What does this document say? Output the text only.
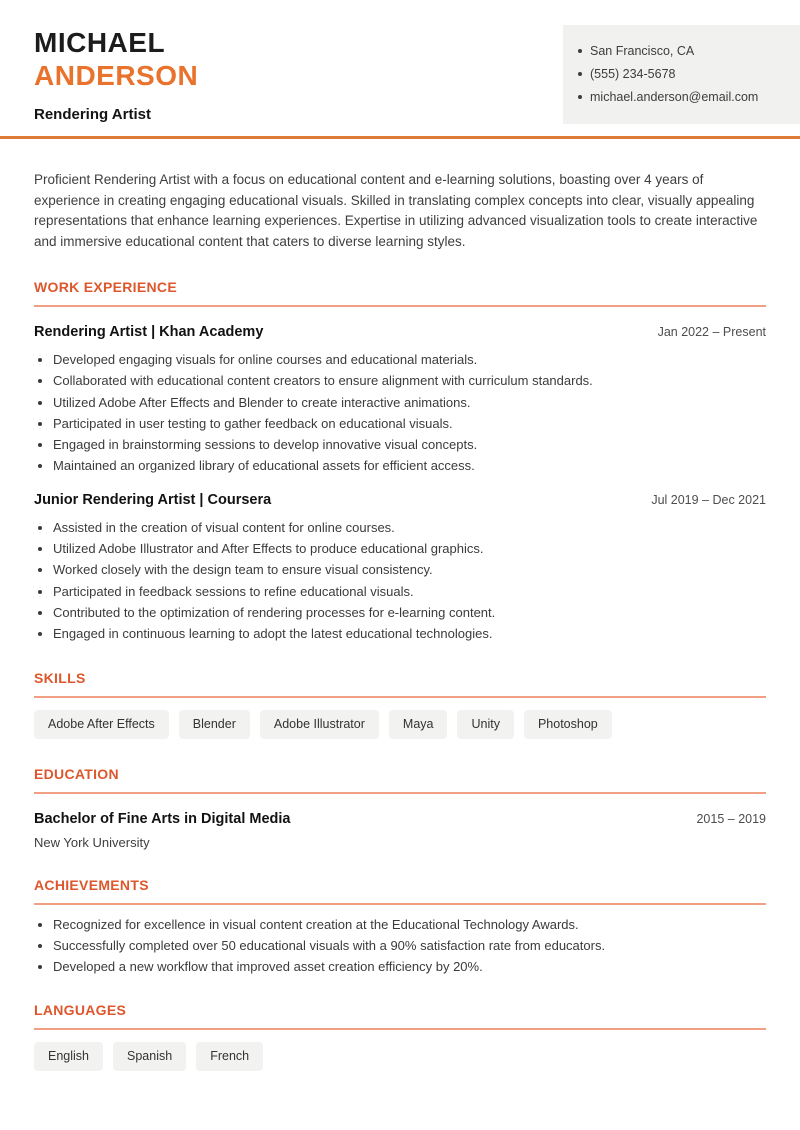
MICHAEL
ANDERSON
Rendering Artist
San Francisco, CA
(555) 234-5678
michael.anderson@email.com

Proficient Rendering Artist with a focus on educational content and e-learning solutions, boasting over 4 years of experience in creating engaging educational visuals. Skilled in translating complex concepts into clear, visually appealing representations that enhance learning experiences. Expertise in utilizing advanced visualization tools to create interactive and immersive educational content that caters to diverse learning styles.

WORK EXPERIENCE
Rendering Artist | Khan Academy	Jan 2022 – Present
Developed engaging visuals for online courses and educational materials.
Collaborated with educational content creators to ensure alignment with curriculum standards.
Utilized Adobe After Effects and Blender to create interactive animations.
Participated in user testing to gather feedback on educational visuals.
Engaged in brainstorming sessions to develop innovative visual concepts.
Maintained an organized library of educational assets for efficient access.
Junior Rendering Artist | Coursera	Jul 2019 – Dec 2021
Assisted in the creation of visual content for online courses.
Utilized Adobe Illustrator and After Effects to produce educational graphics.
Worked closely with the design team to ensure visual consistency.
Participated in feedback sessions to refine educational visuals.
Contributed to the optimization of rendering processes for e-learning content.
Engaged in continuous learning to adopt the latest educational technologies.
SKILLS
Adobe After Effects	Blender	Adobe Illustrator	Maya	Unity	Photoshop
EDUCATION
Bachelor of Fine Arts in Digital Media	2015 – 2019
New York University
ACHIEVEMENTS
Recognized for excellence in visual content creation at the Educational Technology Awards.
Successfully completed over 50 educational visuals with a 90% satisfaction rate from educators.
Developed a new workflow that improved asset creation efficiency by 20%.
LANGUAGES
English	Spanish	French
